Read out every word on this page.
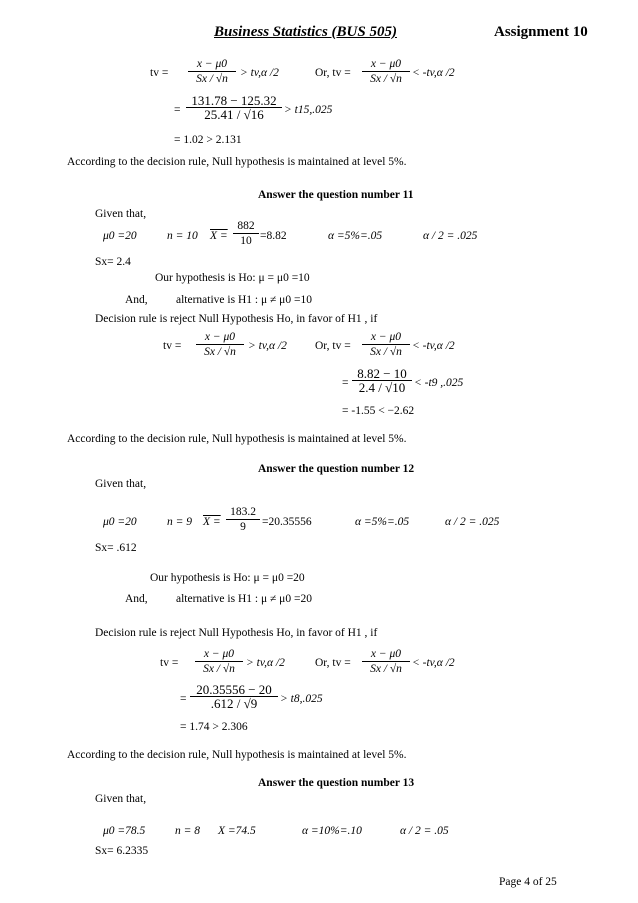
Business Statistics (BUS 505)	Assignment 10
tv = $\frac{x - \mu 0}{Sx / √n} > tv,\alpha$ /2	Or, tv = $\frac{x - \mu 0}{Sx / √n} < -tv,\alpha$ /2
= $\frac{131.78 - 125.32}{25.41 / √16} > t15,.025$
= 1.02 > 2.131
According to the decision rule, Null hypothesis is maintained at level 5%.
Answer the question number 11
Given that,
μ0 =20	n = 10 $X = \frac{882}{10} =8.82$	α =5%=.05	α / 2 = .025
Sx= 2.4
Our hypothesis is Ho: μ = μ0 =10
And, alternative is H1 : μ ≠ μ0 =10
Decision rule is reject Null Hypothesis Ho, in favor of H1 , if
tv = $\frac{x - \mu 0}{Sx / √n} > tv,\alpha$ /2 Or, tv = $\frac{x - \mu 0}{Sx / √n} < -tv,\alpha$ /2
= $\frac{8.82 - 10}{2.4 / √10} < -t9$ ,.025
= -1.55 < −2.62
According to the decision rule, Null hypothesis is maintained at level 5%.
Answer the question number 12
Given that,
μ0 =20	n = 9 $X = \frac{183.2}{9} =20.35556$	α =5%=.05	α / 2 = .025
Sx= .612
Our hypothesis is Ho: μ = μ0 =20
And, alternative is H1 : μ ≠ μ0 =20
Decision rule is reject Null Hypothesis Ho, in favor of H1 , if
tv = $\frac{x - \mu 0}{Sx / √n} > tv,\alpha$ /2	Or, tv = $\frac{x - \mu 0}{Sx / √n} < -tv,\alpha$ /2
= $\frac{20.35556 - 20}{.612 / √9} > t8,.025$
= 1.74 > 2.306
According to the decision rule, Null hypothesis is maintained at level 5%.
Answer the question number 13
Given that,
μ0 =78.5	n = 8 X =74.5	α =10%=.10	α / 2 = .05
Sx= 6.2335
Page 4 of 25
